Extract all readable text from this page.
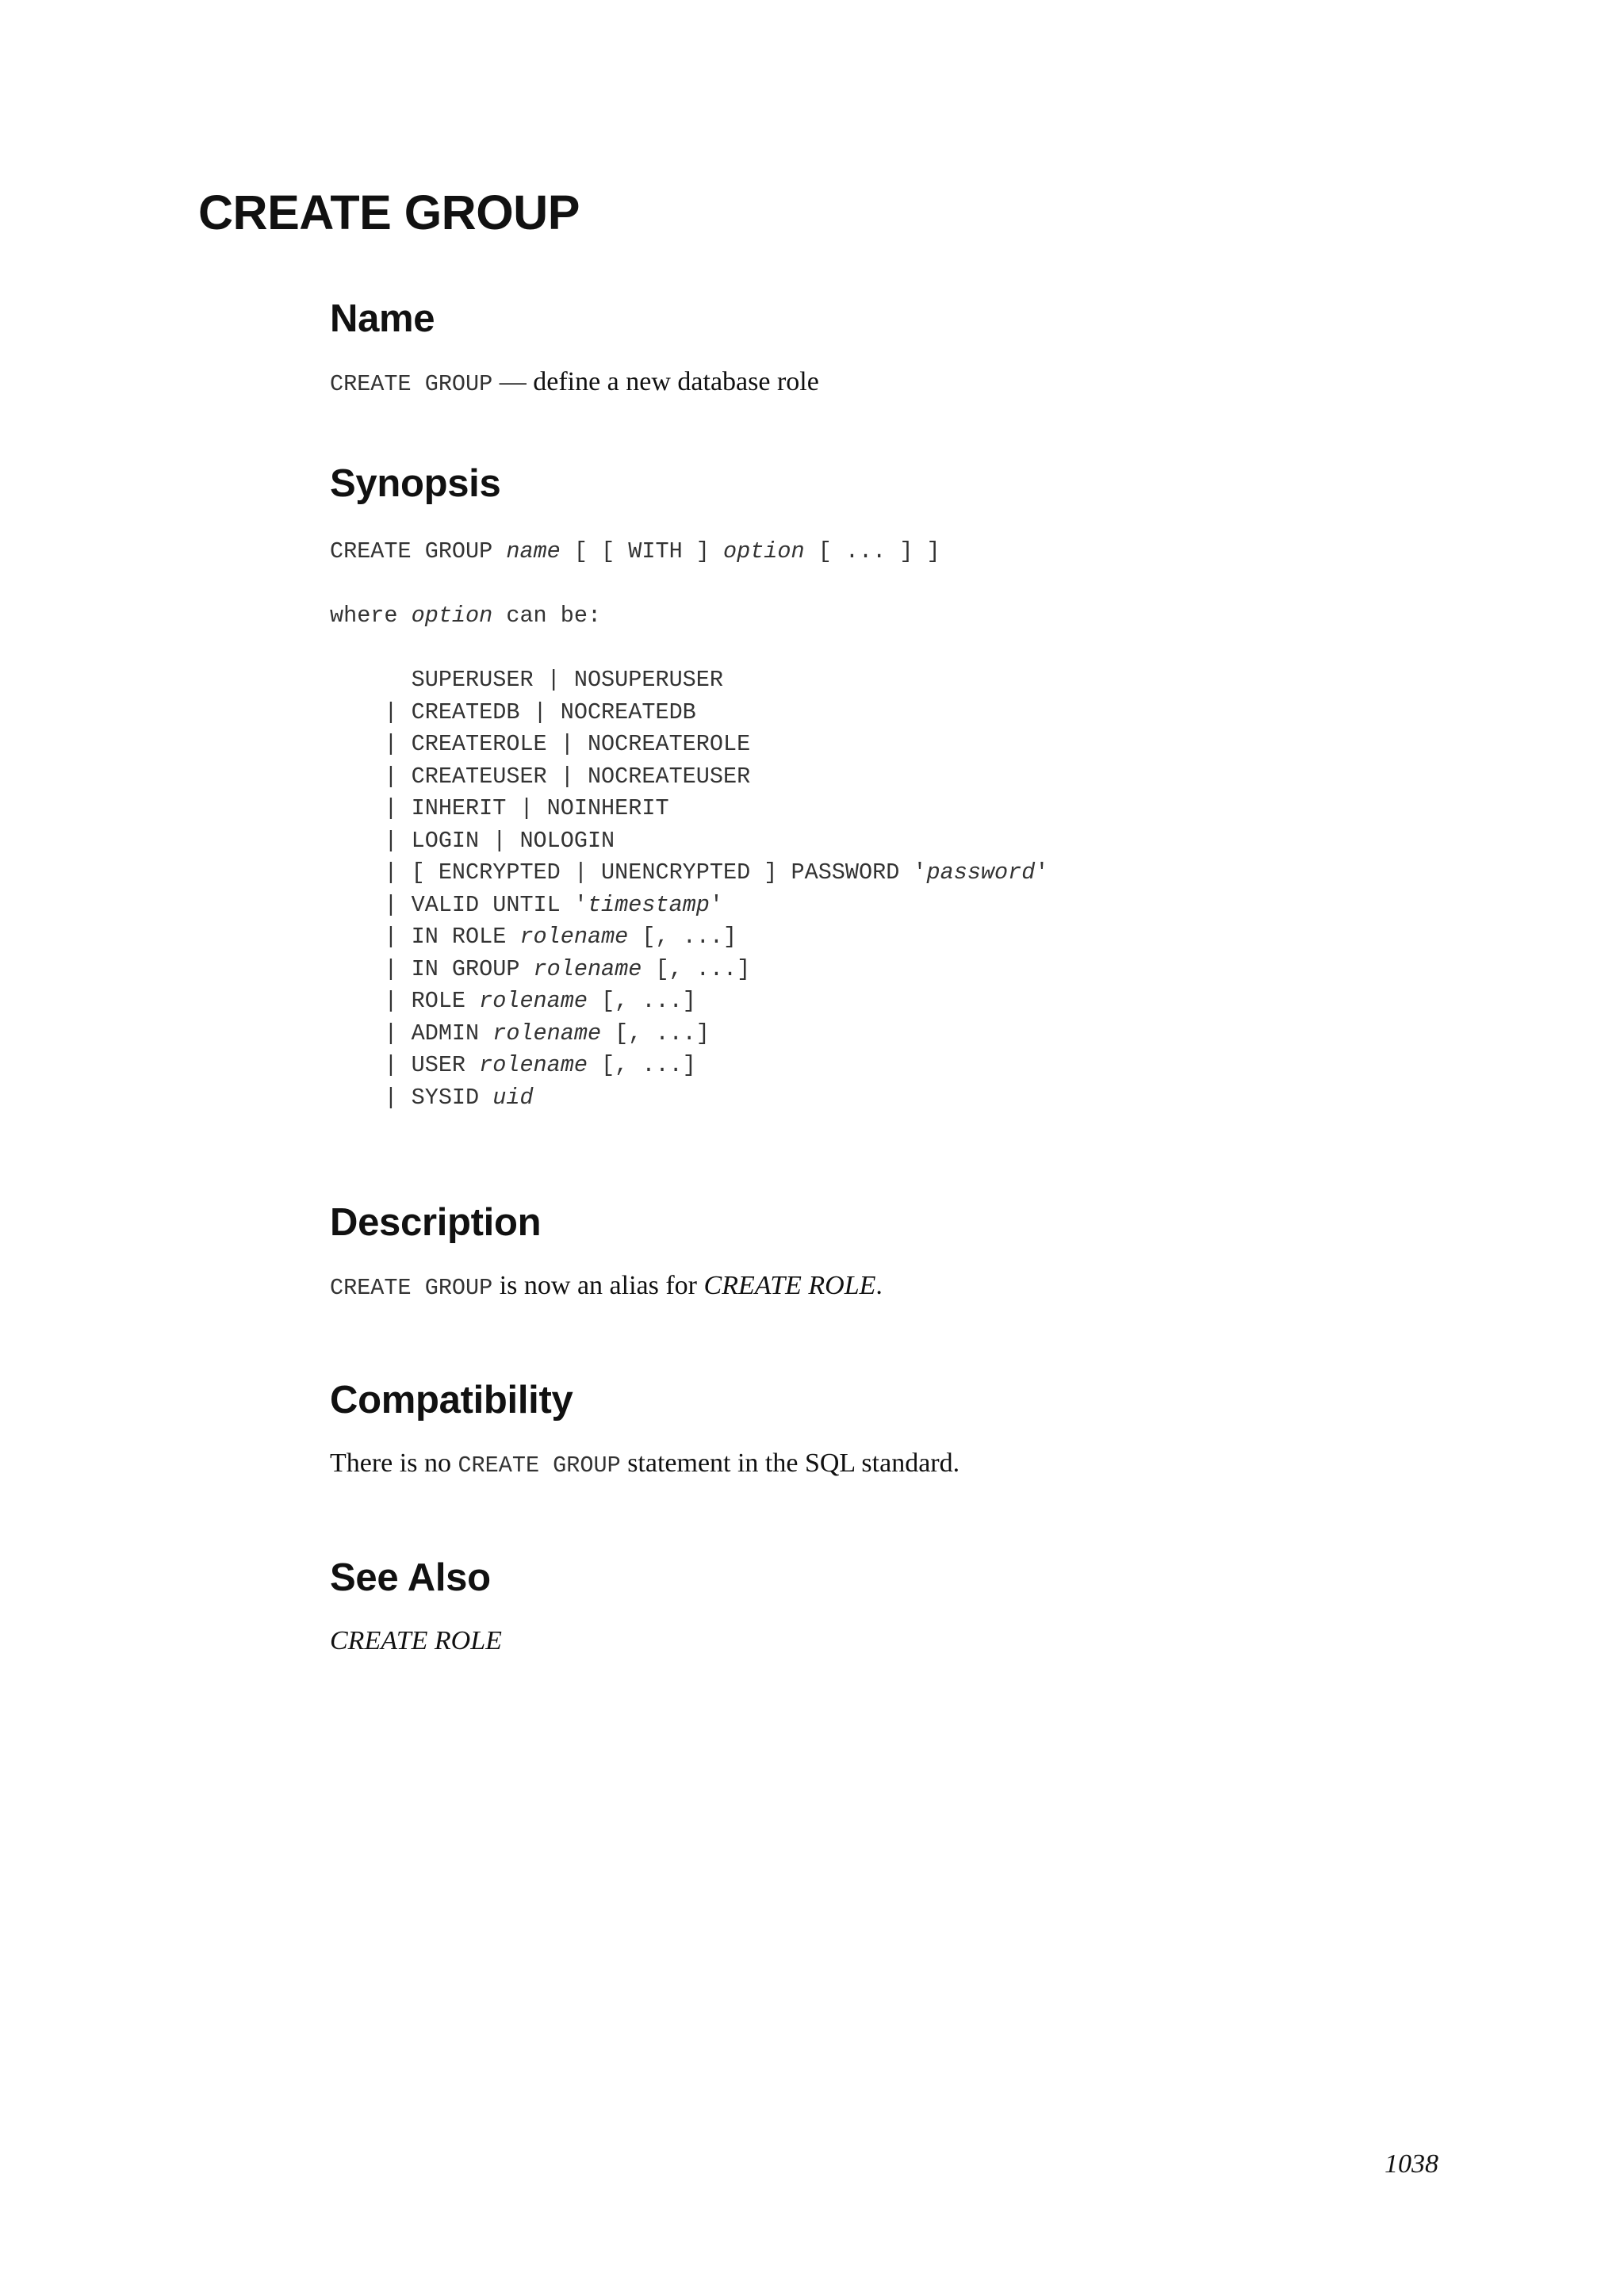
CREATE GROUP
Name

CREATE GROUP — define a new database role

Synopsis
CREATE GROUP name [ [ WITH ] option [ ... ] ]
where option can be:
SUPERUSER | NOSUPERUSER
| CREATEDB | NOCREATEDB
| CREATEROLE | NOCREATEROLE
| CREATEUSER | NOCREATEUSER
| INHERIT | NOINHERIT
| LOGIN | NOLOGIN
| [ ENCRYPTED | UNENCRYPTED ] PASSWORD 'password'
| VALID UNTIL 'timestamp'
| IN ROLE rolename [, ...]
| IN GROUP rolename [, ...]
| ROLE rolename [, ...]
| ADMIN rolename [, ...]
| USER rolename [, ...]
| SYSID uid
Description

CREATE GROUP is now an alias for CREATE ROLE.

Compatibility

There is no CREATE GROUP statement in the SQL standard.

See Also

CREATE ROLE

1038
